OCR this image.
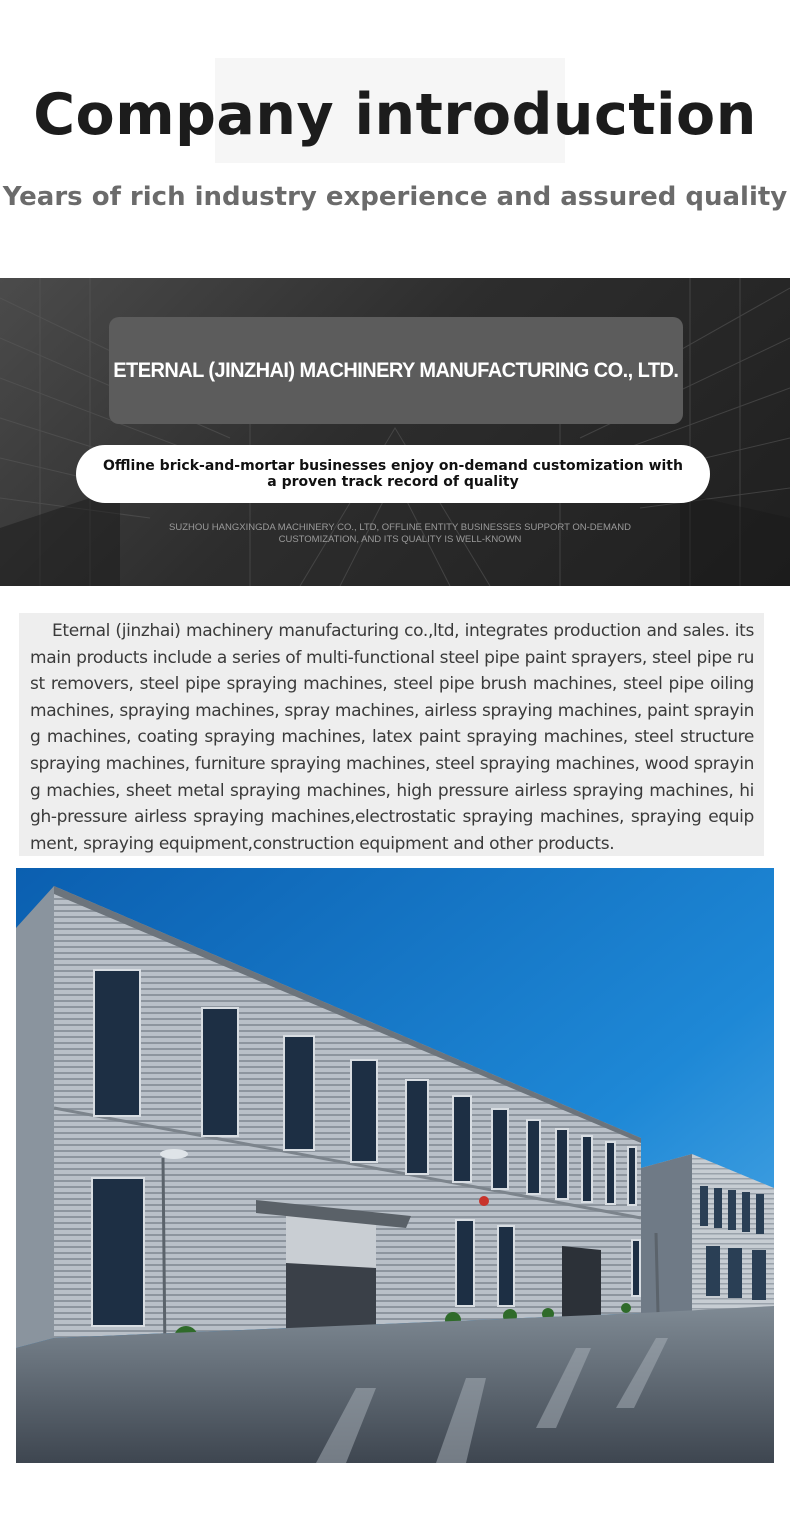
Company introduction

Years of rich industry experience and assured quality

ETERNAL (JINZHAI) MACHINERY MANUFACTURING CO., LTD.
Offline brick-and-mortar businesses enjoy on-demand customization with a proven track record of quality

SUZHOU HANGXINGDA MACHINERY CO., LTD, OFFLINE ENTITY BUSINESSES SUPPORT ON-DEMAND CUSTOMIZATION, AND ITS QUALITY IS WELL-KNOWN

Eternal (jinzhai) machinery manufacturing co.,ltd, integrates production and sales. its main products include a series of multi-functional steel pipe paint sprayers, steel pipe rust removers, steel pipe spraying machines, steel pipe brush machines, steel pipe oiling machines, spraying machines, spray machines, airless spraying machines, paint spraying machines, coating spraying machines, latex paint spraying machines, steel structure spraying machines, furniture spraying machines, steel spraying machines, wood spraying machies, sheet metal spraying machines, high pressure airless spraying machines, high-pressure airless spraying machines,electrostatic spraying machines, spraying equipment, spraying equipment,construction equipment and other products.
